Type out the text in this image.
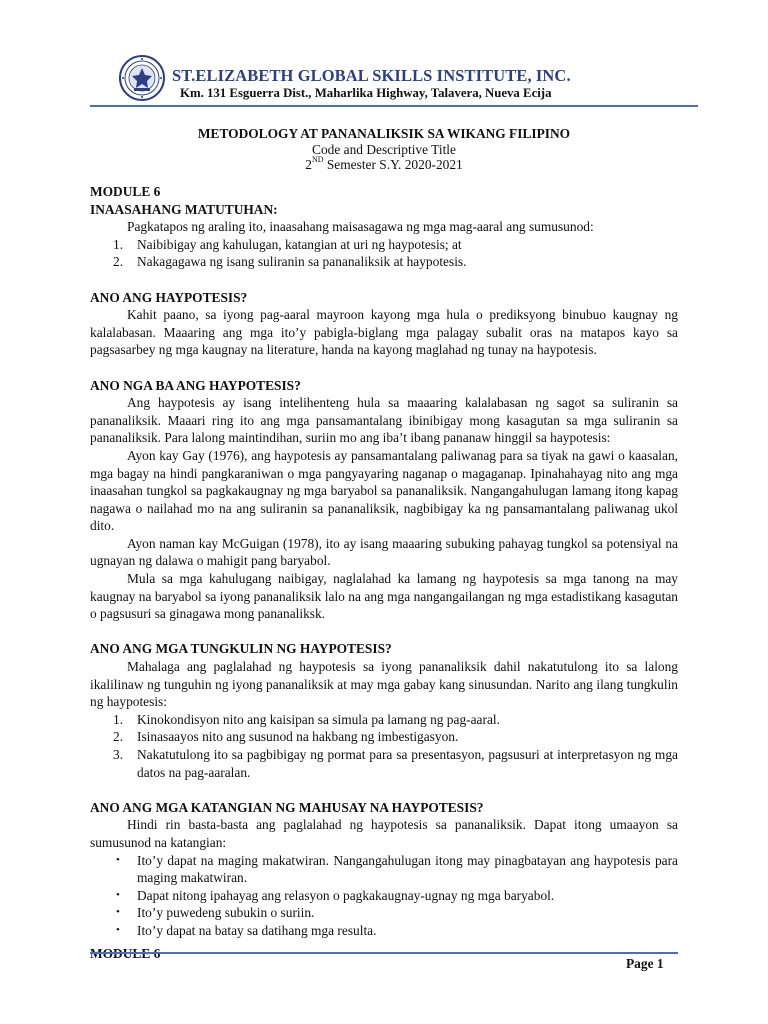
ST.ELIZABETH GLOBAL SKILLS INSTITUTE, INC.
Km. 131 Esguerra Dist., Maharlika Highway, Talavera, Nueva Ecija
METODOLOGY AT PANANALIKSIK SA WIKANG FILIPINO
Code and Descriptive Title
2ND Semester S.Y. 2020-2021

MODULE 6

INAASAHANG MATUTUHAN:

Pagkatapos ng araling ito, inaasahang maisasagawa ng mga mag-aaral ang sumusunod:

1. Naibibigay ang kahulugan, katangian at uri ng haypotesis; at
2. Nakagagawa ng isang suliranin sa pananaliksik at haypotesis.

ANO ANG HAYPOTESIS?

Kahit paano, sa iyong pag-aaral mayroon kayong mga hula o prediksyong binubuo kaugnay ng kalalabasan. Maaaring ang mga ito’y pabigla-biglang mga palagay subalit oras na matapos kayo sa pagsasarbey ng mga kaugnay na literature, handa na kayong maglahad ng tunay na haypotesis.

ANO NGA BA ANG HAYPOTESIS?

Ang haypotesis ay isang intelihenteng hula sa maaaring kalalabasan ng sagot sa suliranin sa pananaliksik. Maaari ring ito ang mga pansamantalang ibinibigay mong kasagutan sa mga suliranin sa pananaliksik. Para lalong maintindihan, suriin mo ang iba’t ibang pananaw hinggil sa haypotesis:

Ayon kay Gay (1976), ang haypotesis ay pansamantalang paliwanag para sa tiyak na gawi o kaasalan, mga bagay na hindi pangkaraniwan o mga pangyayaring naganap o magaganap. Ipinahahayag nito ang mga inaasahan tungkol sa pagkakaugnay ng mga baryabol sa pananaliksik. Nangangahulugan lamang itong kapag nagawa o nailahad mo na ang suliranin sa pananaliksik, nagbibigay ka ng pansamantalang paliwanag ukol dito.

Ayon naman kay McGuigan (1978), ito ay isang maaaring subuking pahayag tungkol sa potensiyal na ugnayan ng dalawa o mahigit pang baryabol.

Mula sa mga kahulugang naibigay, naglalahad ka lamang ng haypotesis sa mga tanong na may kaugnay na baryabol sa iyong pananaliksik lalo na ang mga nangangailangan ng mga estadistikang kasagutan o pagsusuri sa ginagawa mong pananaliksk.

ANO ANG MGA TUNGKULIN NG HAYPOTESIS?

Mahalaga ang paglalahad ng haypotesis sa iyong pananaliksik dahil nakatutulong ito sa lalong ikalilinaw ng tunguhin ng iyong pananaliksik at may mga gabay kang sinusundan. Narito ang ilang tungkulin ng haypotesis:

1. Kinokondisyon nito ang kaisipan sa simula pa lamang ng pag-aaral.
2. Isinasaayos nito ang susunod na hakbang ng imbestigasyon.
3. Nakatutulong ito sa pagbibigay ng pormat para sa presentasyon, pagsusuri at interpretasyon ng mga datos na pag-aaralan.

ANO ANG MGA KATANGIAN NG MAHUSAY NA HAYPOTESIS?

Hindi rin basta-basta ang paglalahad ng haypotesis sa pananaliksik. Dapat itong umaayon sa sumusunod na katangian:

• Ito’y dapat na maging makatwiran. Nangangahulugan itong may pinagbatayan ang haypotesis para maging makatwiran.
• Dapat nitong ipahayag ang relasyon o pagkakaugnay-ugnay ng mga baryabol.
• Ito’y puwedeng subukin o suriin.
• Ito’y dapat na batay sa datihang mga resulta.
Page 1
